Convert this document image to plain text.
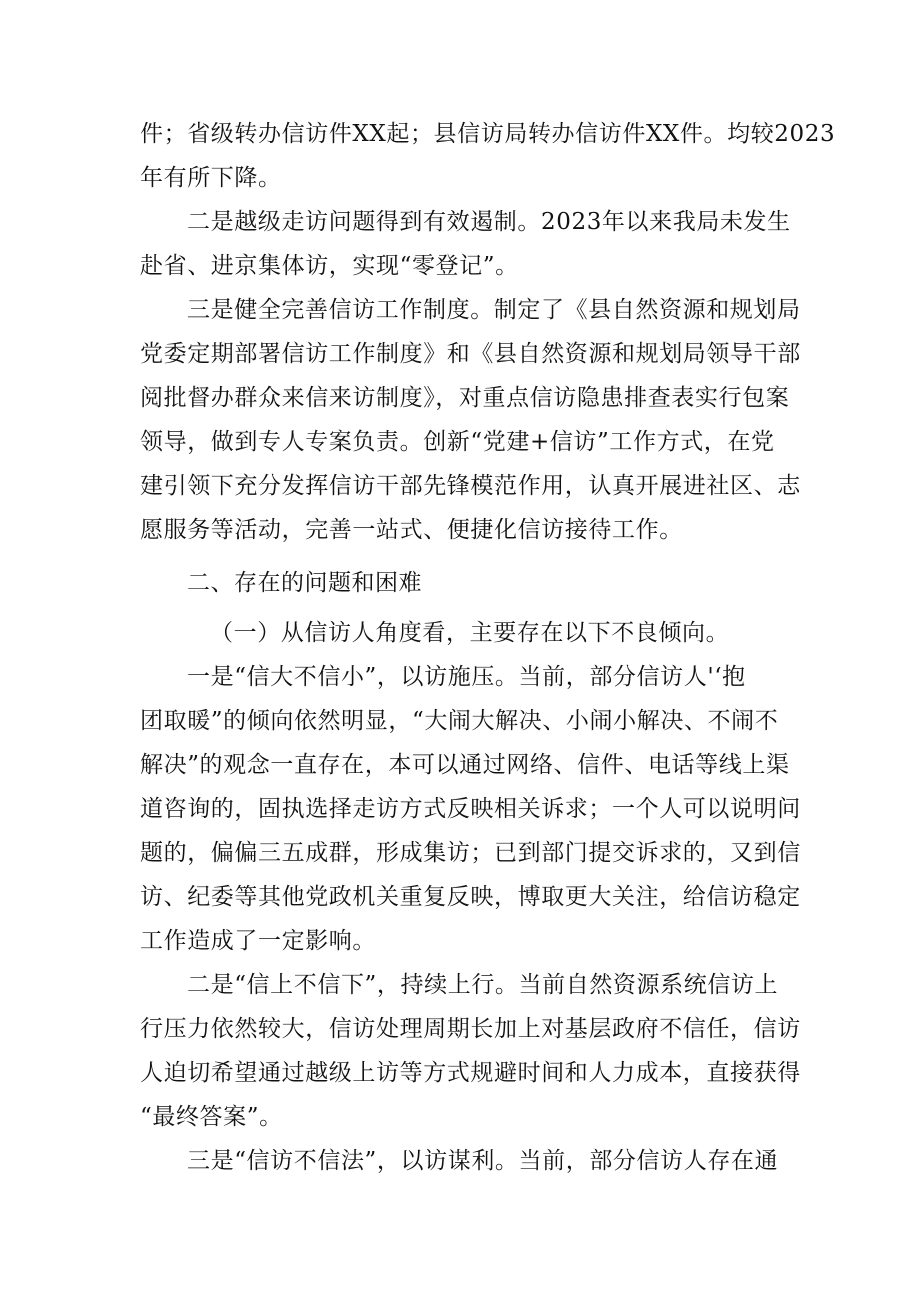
件；省级转办信访件XX起；县信访局转办信访件XX件。均较2023

年有所下降。

二是越级走访问题得到有效遏制。2023年以来我局未发生

赴省、进京集体访，实现“零登记”。

三是健全完善信访工作制度。制定了《县自然资源和规划局

党委定期部署信访工作制度》和《县自然资源和规划局领导干部

阅批督办群众来信来访制度》，对重点信访隐患排查表实行包案

领导，做到专人专案负责。创新“党建+信访”工作方式，在党

建引领下充分发挥信访干部先锋模范作用，认真开展进社区、志

愿服务等活动，完善一站式、便捷化信访接待工作。

二、存在的问题和困难

（一）从信访人角度看，主要存在以下不良倾向。

一是“信大不信小”，以访施压。当前，部分信访人'‘抱

团取暖”的倾向依然明显，“大闹大解决、小闹小解决、不闹不

解决”的观念一直存在，本可以通过网络、信件、电话等线上渠

道咨询的，固执选择走访方式反映相关诉求；一个人可以说明问

题的，偏偏三五成群，形成集访；已到部门提交诉求的，又到信

访、纪委等其他党政机关重复反映，博取更大关注，给信访稳定

工作造成了一定影响。

二是“信上不信下”，持续上行。当前自然资源系统信访上

行压力依然较大，信访处理周期长加上对基层政府不信任，信访

人迫切希望通过越级上访等方式规避时间和人力成本，直接获得

“最终答案”。

三是“信访不信法”，以访谋利。当前，部分信访人存在通
